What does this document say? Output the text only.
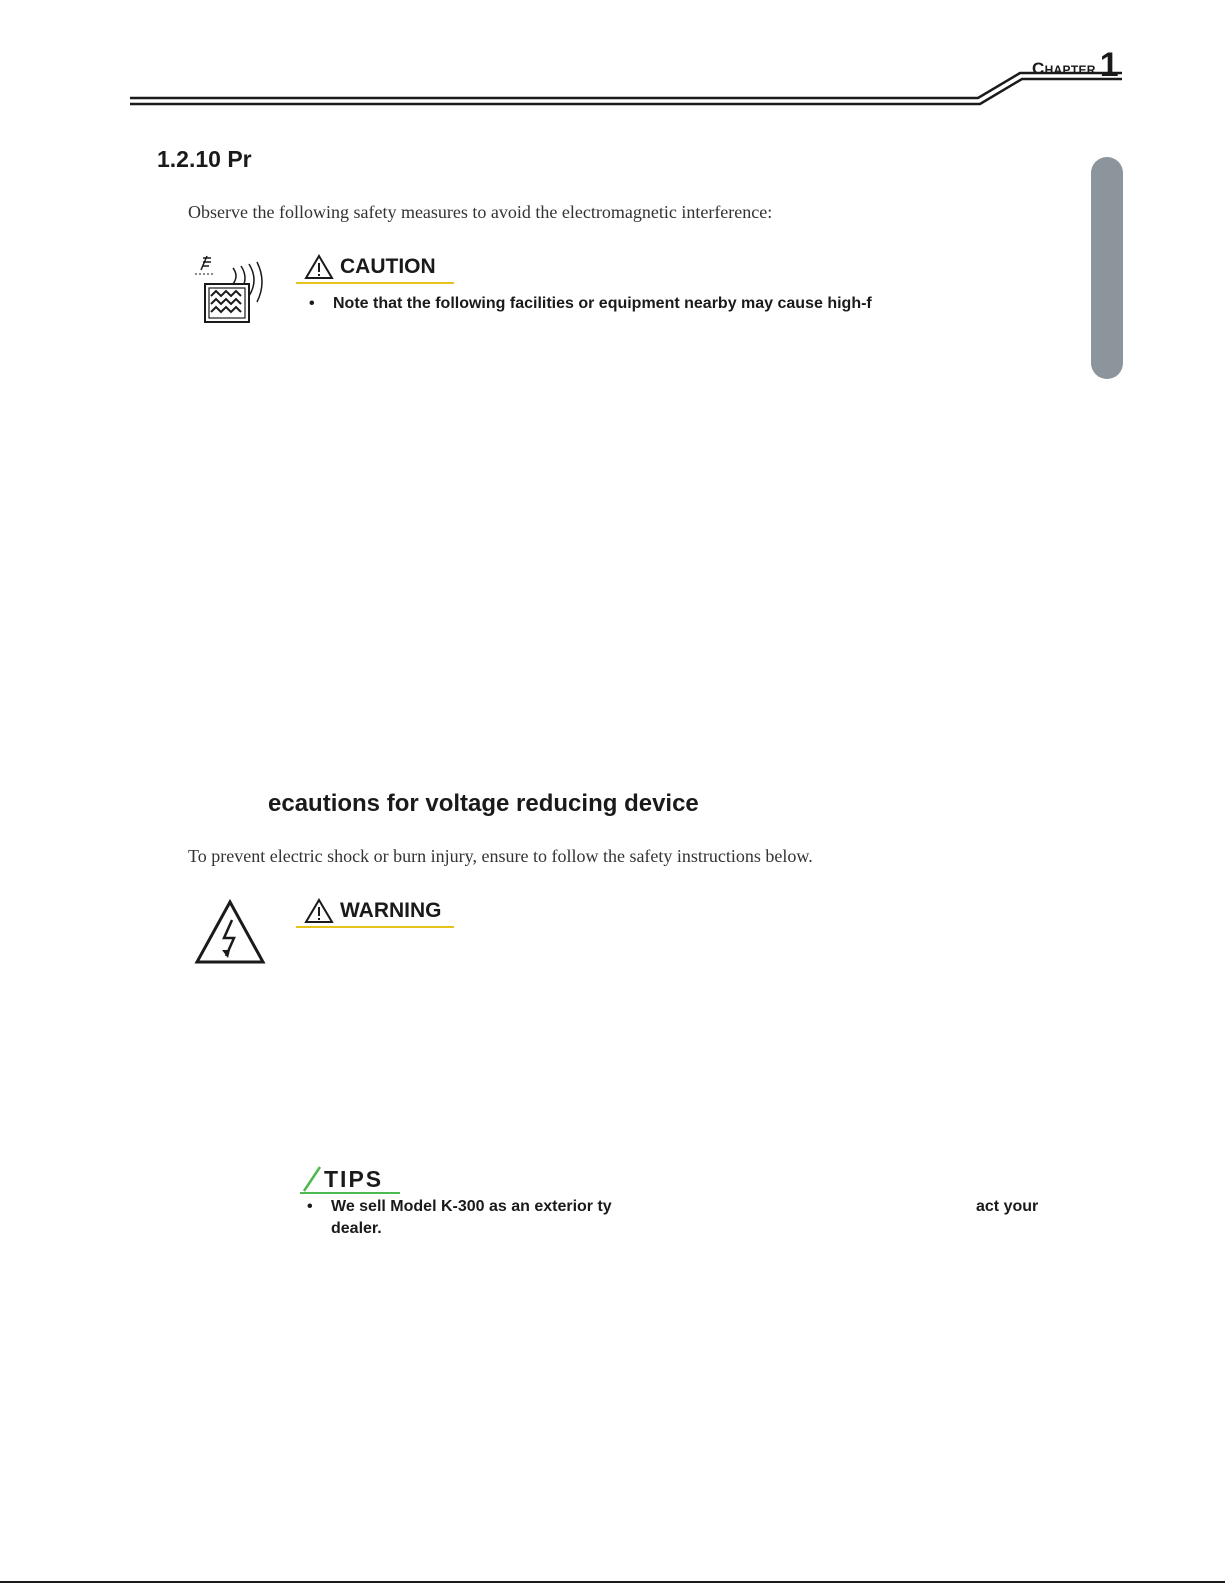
Chapter 1
1.2.10 Pr
Observe the following safety measures to avoid the electromagnetic interference:
CAUTION
• Note that the following facilities or equipment nearby may cause high-f
ecautions for voltage reducing device
To prevent electric shock or burn injury, ensure to follow the safety instructions below.
WARNING
TIPS
• We sell Model K-300 as an exterior ty	act your
dealer.
